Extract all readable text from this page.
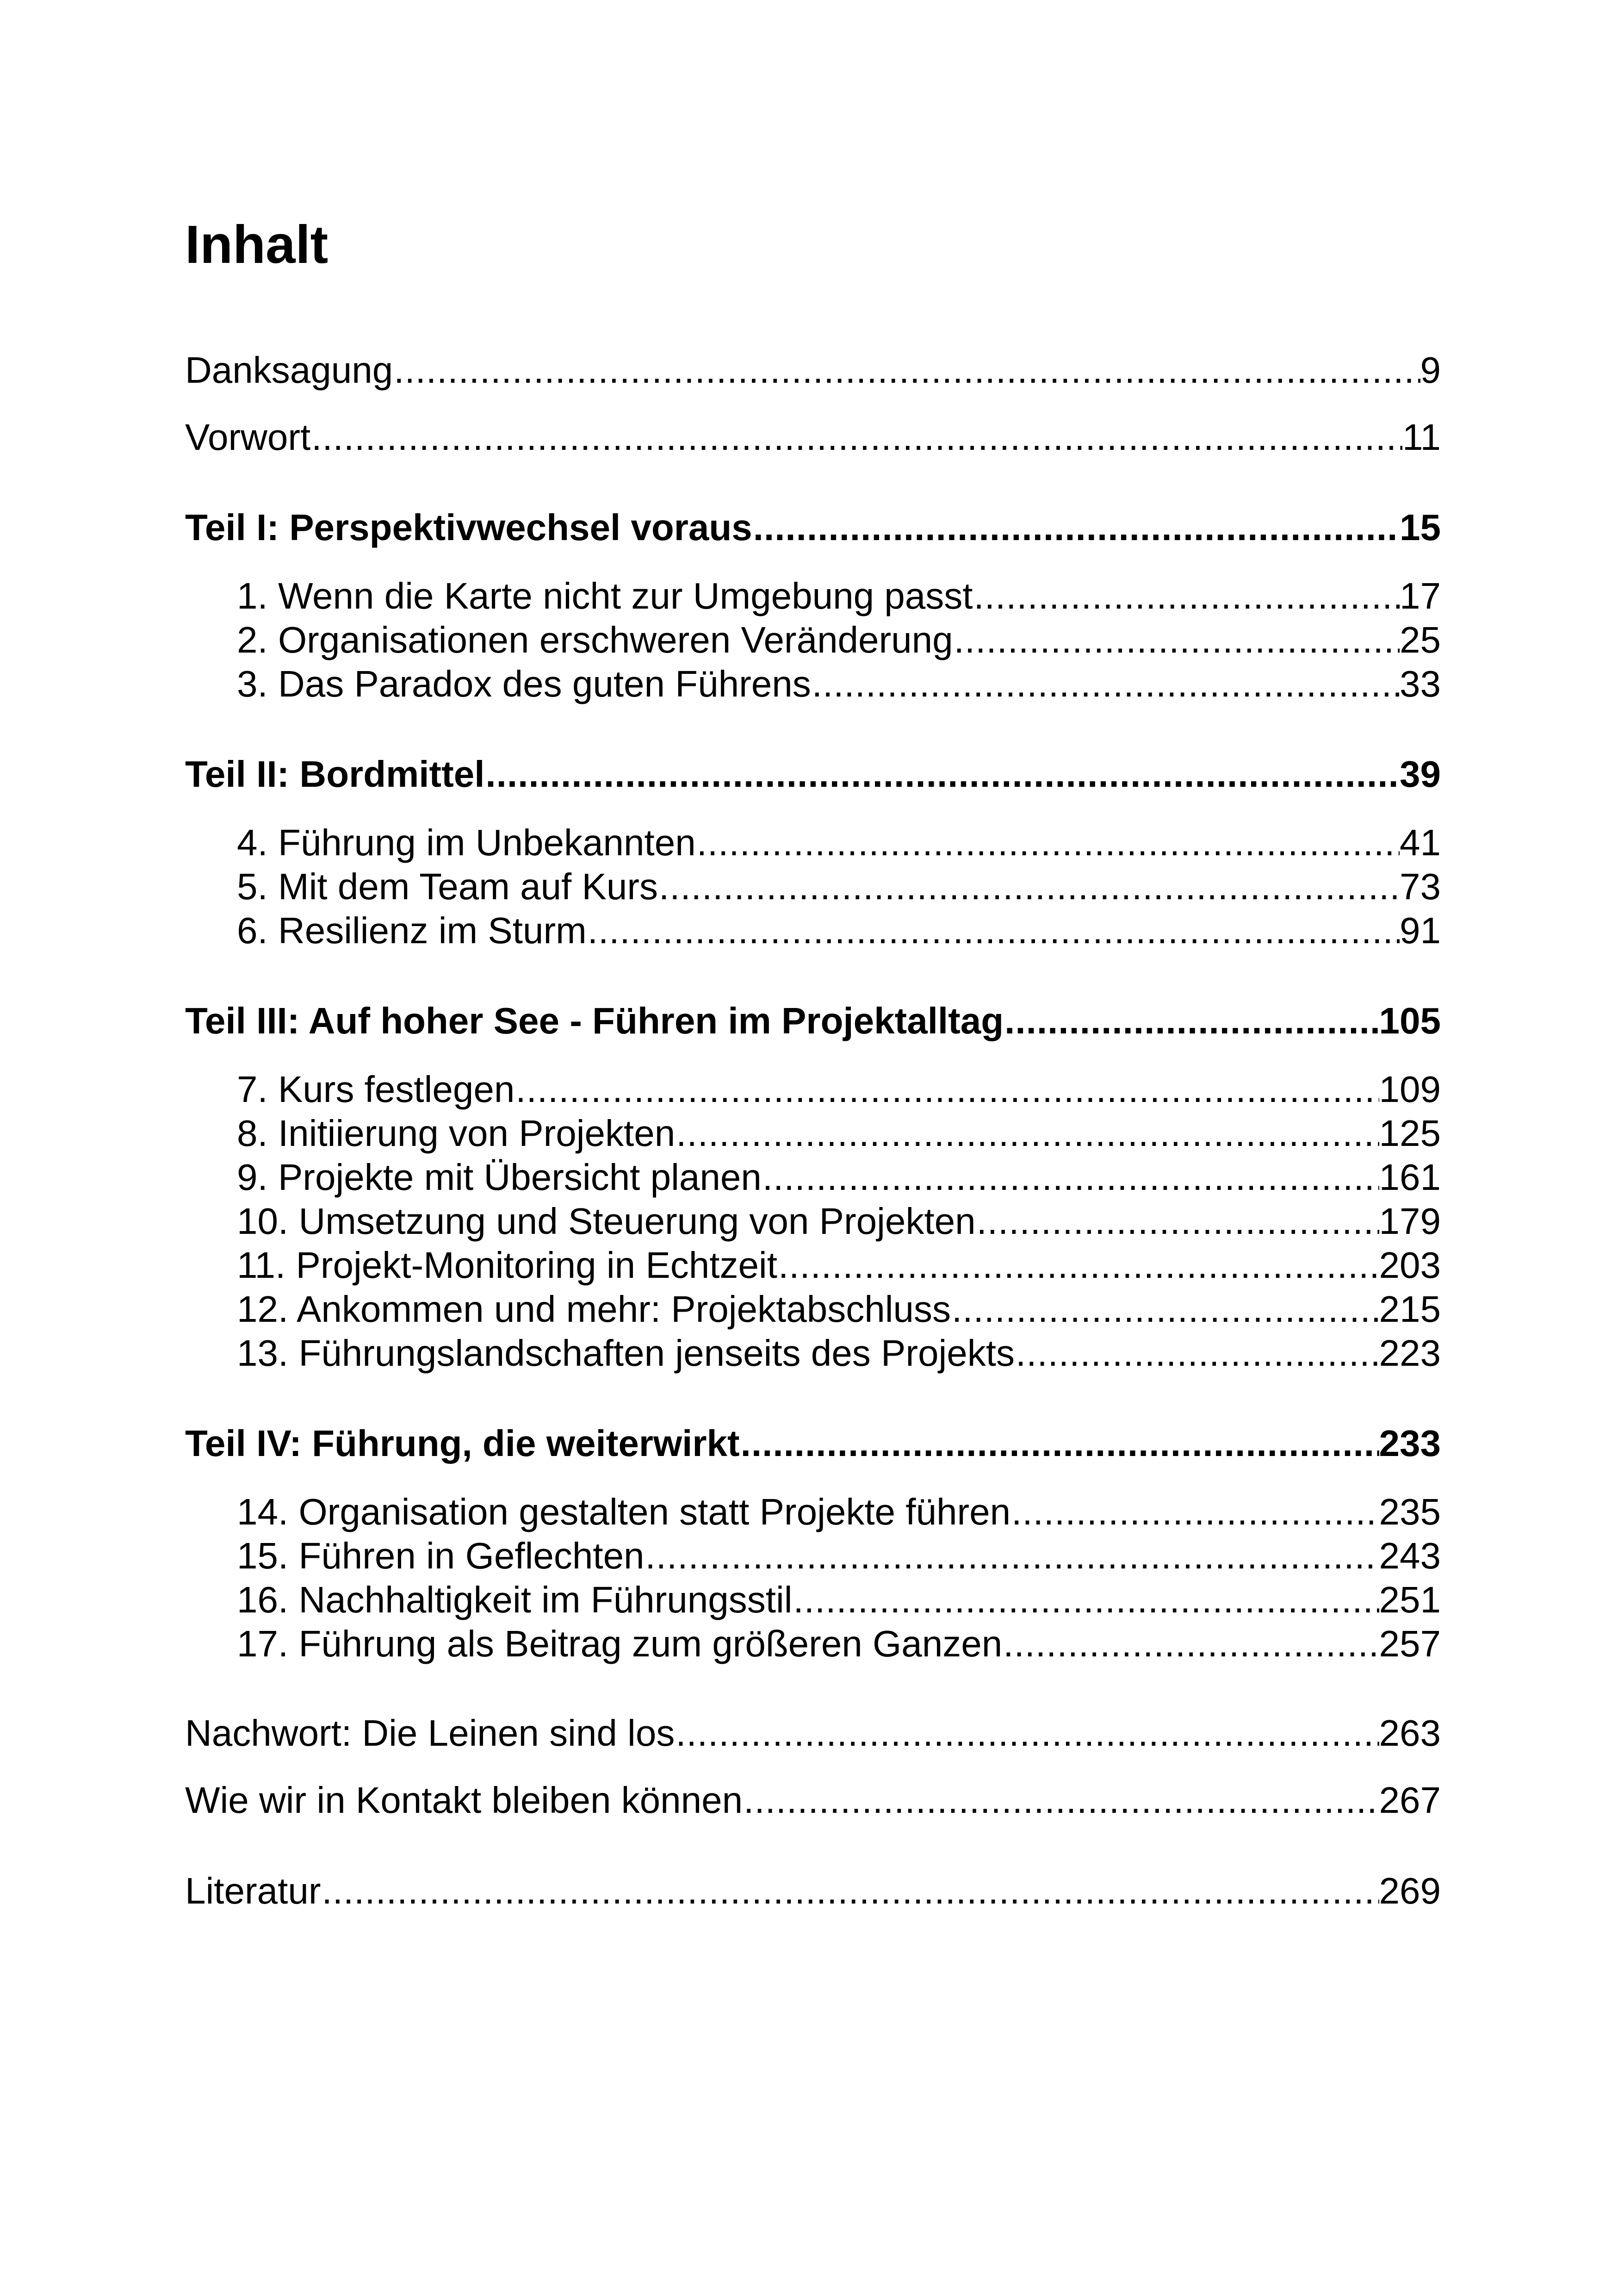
Inhalt
Danksagung .....	9
Vorwort .....	11
Teil I: Perspektivwechsel voraus .....	15
1. Wenn die Karte nicht zur Umgebung passt .....	17
2. Organisationen erschweren Veränderung .....	25
3. Das Paradox des guten Führens .....	33
Teil II: Bordmittel .....	39
4. Führung im Unbekannten .....	41
5. Mit dem Team auf Kurs .....	73
6. Resilienz im Sturm .....	91
Teil III: Auf hoher See - Führen im Projektalltag .....	105
7. Kurs festlegen .....	109
8. Initiierung von Projekten .....	125
9. Projekte mit Übersicht planen .....	161
10. Umsetzung und Steuerung von Projekten .....	179
11. Projekt-Monitoring in Echtzeit .....	203
12. Ankommen und mehr: Projektabschluss .....	215
13. Führungslandschaften jenseits des Projekts .....	223
Teil IV: Führung, die weiterwirkt .....	233
14. Organisation gestalten statt Projekte führen .....	235
15. Führen in Geflechten .....	243
16. Nachhaltigkeit im Führungsstil .....	251
17. Führung als Beitrag zum größeren Ganzen .....	257
Nachwort: Die Leinen sind los .....	263
Wie wir in Kontakt bleiben können .....	267
Literatur .....	269
